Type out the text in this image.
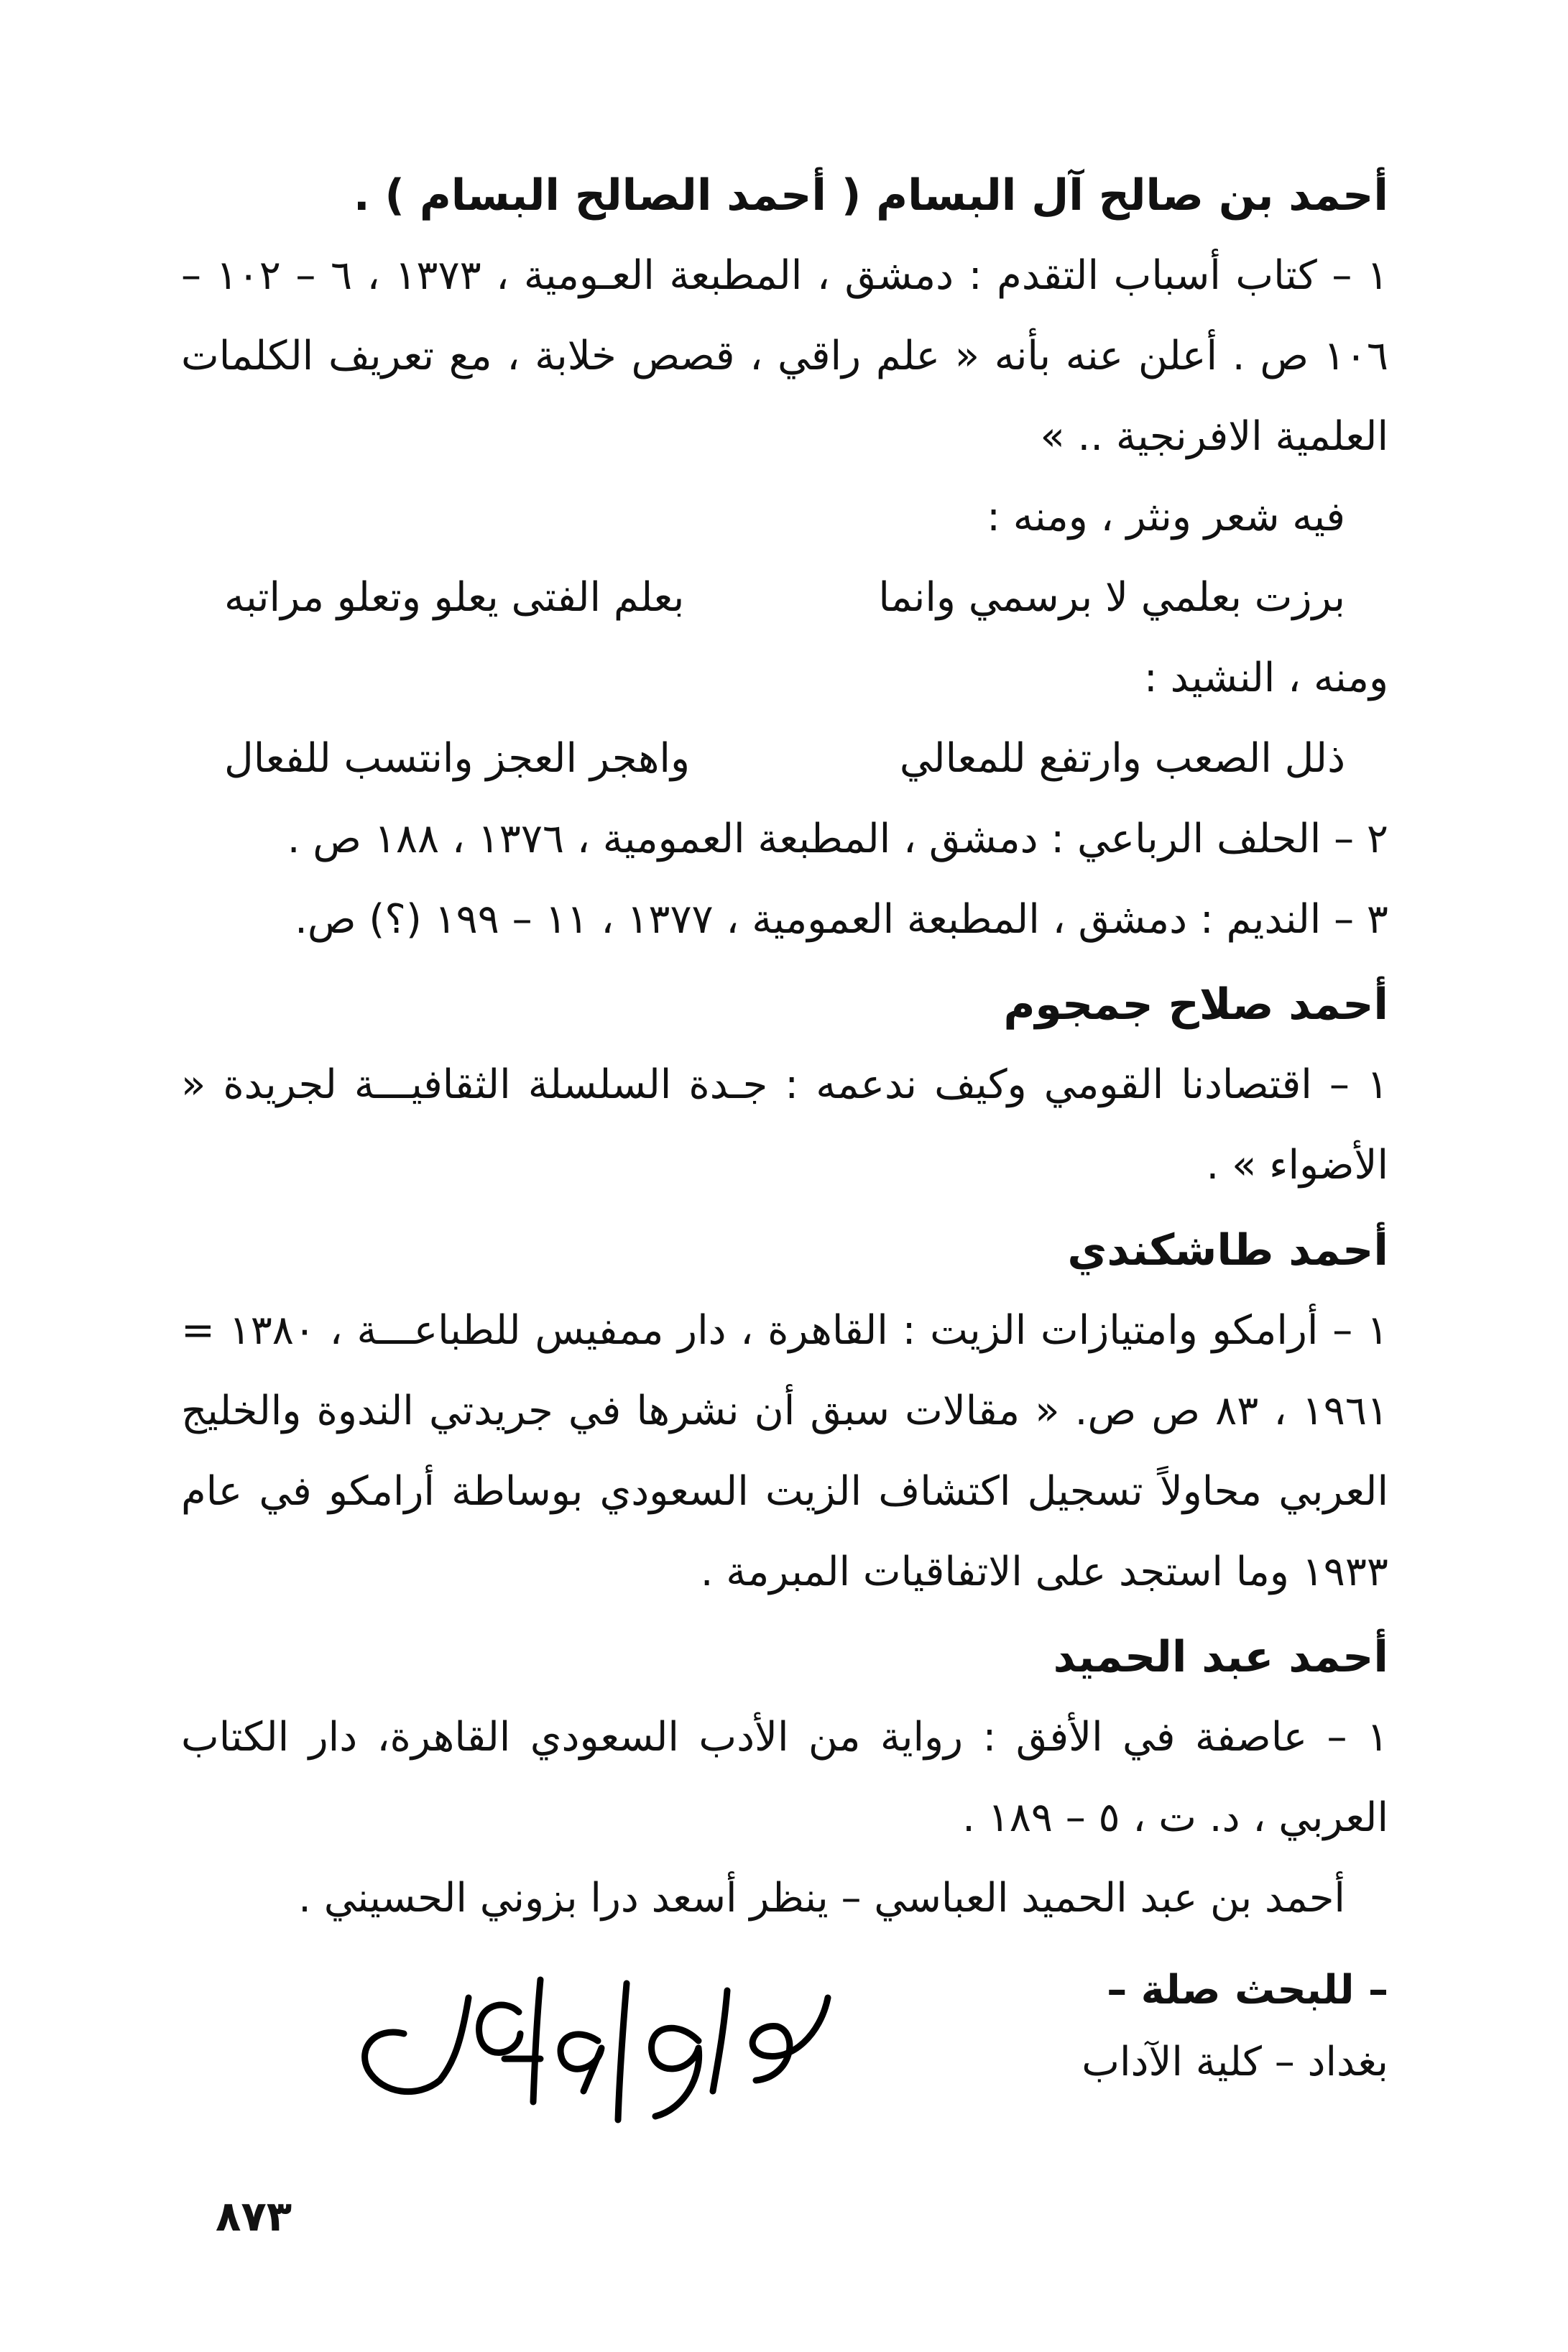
أحمد بن صالح آل البسام ( أحمد الصالح البسام ) .

١ – كتاب أسباب التقدم : دمشق ، المطبعة العـومية ، ١٣٧٣ ، ٦ – ١٠٢ – ١٠٦ ص . أعلن عنه بأنه « علم راقي ، قصص خلابة ، مع تعريف الكلمات العلمية الافرنجية .. »

فيه شعر ونثر ، ومنه :

برزت بعلمي لا برسمي وانما
بعلم الفتى يعلو وتعلو مراتبه

ومنه ، النشيد :

ذلل الصعب وارتفع للمعالي
واهجر العجز وانتسب للفعال

٢ – الحلف الرباعي : دمشق ، المطبعة العمومية ، ١٣٧٦ ، ١٨٨ ص .

٣ – النديم : دمشق ، المطبعة العمومية ، ١٣٧٧ ، ١١ – ١٩٩ (؟) ص.

أحمد صلاح جمجوم

١ – اقتصادنا القومي وكيف ندعمه : جـدة السلسلة الثقافيـــة لجريدة « الأضواء » .

أحمد طاشكندي

١ – أرامكو وامتيازات الزيت : القاهرة ، دار ممفيس للطباعـــة ، ١٣٨٠ = ١٩٦١ ، ٨٣ ص ص. « مقالات سبق أن نشرها في جريدتي الندوة والخليج العربي محاولاً تسجيل اكتشاف الزيت السعودي بوساطة أرامكو في عام ١٩٣٣ وما استجد على الاتفاقيات المبرمة .

أحمد عبد الحميد

١ – عاصفة في الأفق : رواية من الأدب السعودي القاهرة، دار الكتاب العربي ، د. ت ، ٥ – ١٨٩ .

أحمد بن عبد الحميد العباسي – ينظر أسعد درا بزوني الحسيني .

– للبحث صلة –
بغداد – كلية الآداب
٨٧٣
